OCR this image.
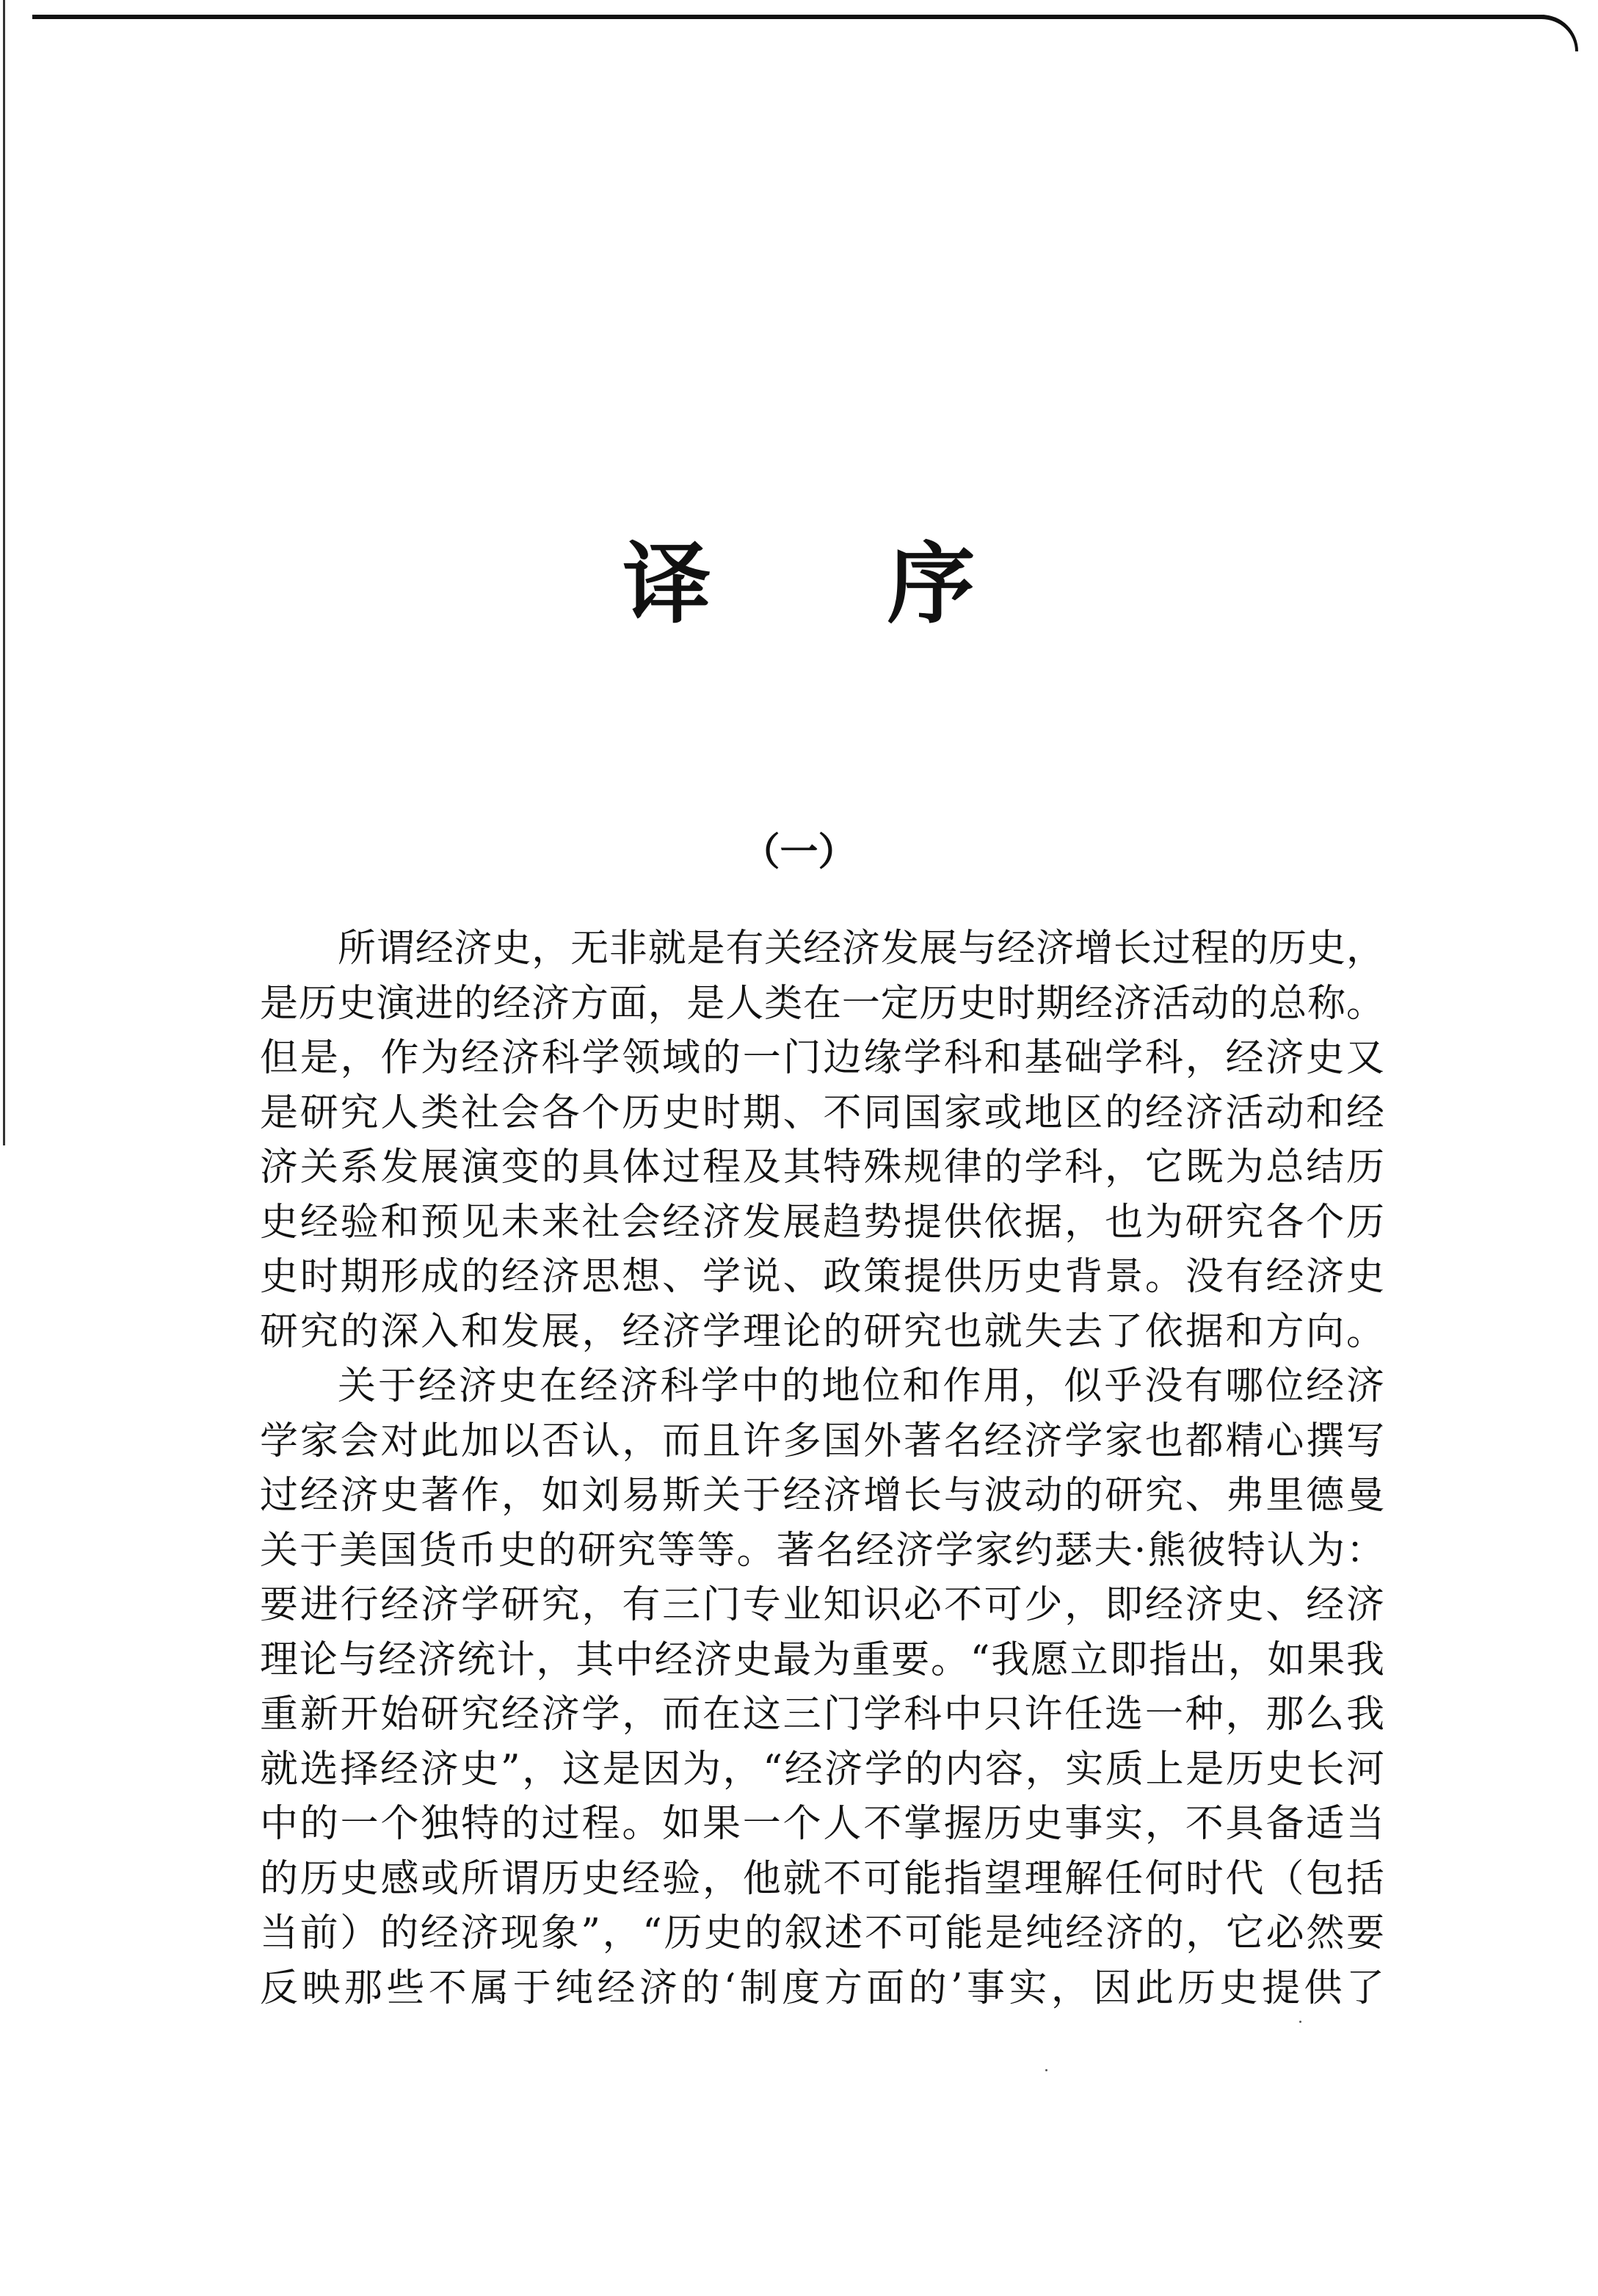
译 序
（一）
所谓经济史，无非就是有关经济发展与经济增长过程的历史，
是历史演进的经济方面，是人类在一定历史时期经济活动的总称。
但是，作为经济科学领域的一门边缘学科和基础学科，经济史又
是研究人类社会各个历史时期、不同国家或地区的经济活动和经
济关系发展演变的具体过程及其特殊规律的学科，它既为总结历
史经验和预见未来社会经济发展趋势提供依据，也为研究各个历
史时期形成的经济思想、学说、政策提供历史背景。没有经济史
研究的深入和发展，经济学理论的研究也就失去了依据和方向。
关于经济史在经济科学中的地位和作用，似乎没有哪位经济
学家会对此加以否认，而且许多国外著名经济学家也都精心撰写
过经济史著作，如刘易斯关于经济增长与波动的研究、弗里德曼
关于美国货币史的研究等等。著名经济学家约瑟夫·熊彼特认为：
要进行经济学研究，有三门专业知识必不可少，即经济史、经济
理论与经济统计，其中经济史最为重要。“我愿立即指出，如果我
重新开始研究经济学，而在这三门学科中只许任选一种，那么我
就选择经济史”，这是因为，“经济学的内容，实质上是历史长河
中的一个独特的过程。如果一个人不掌握历史事实，不具备适当
的历史感或所谓历史经验，他就不可能指望理解任何时代（包括
当前）的经济现象”，“历史的叙述不可能是纯经济的，它必然要
反映那些不属于纯经济的‘制度方面的’事实，因此历史提供了
